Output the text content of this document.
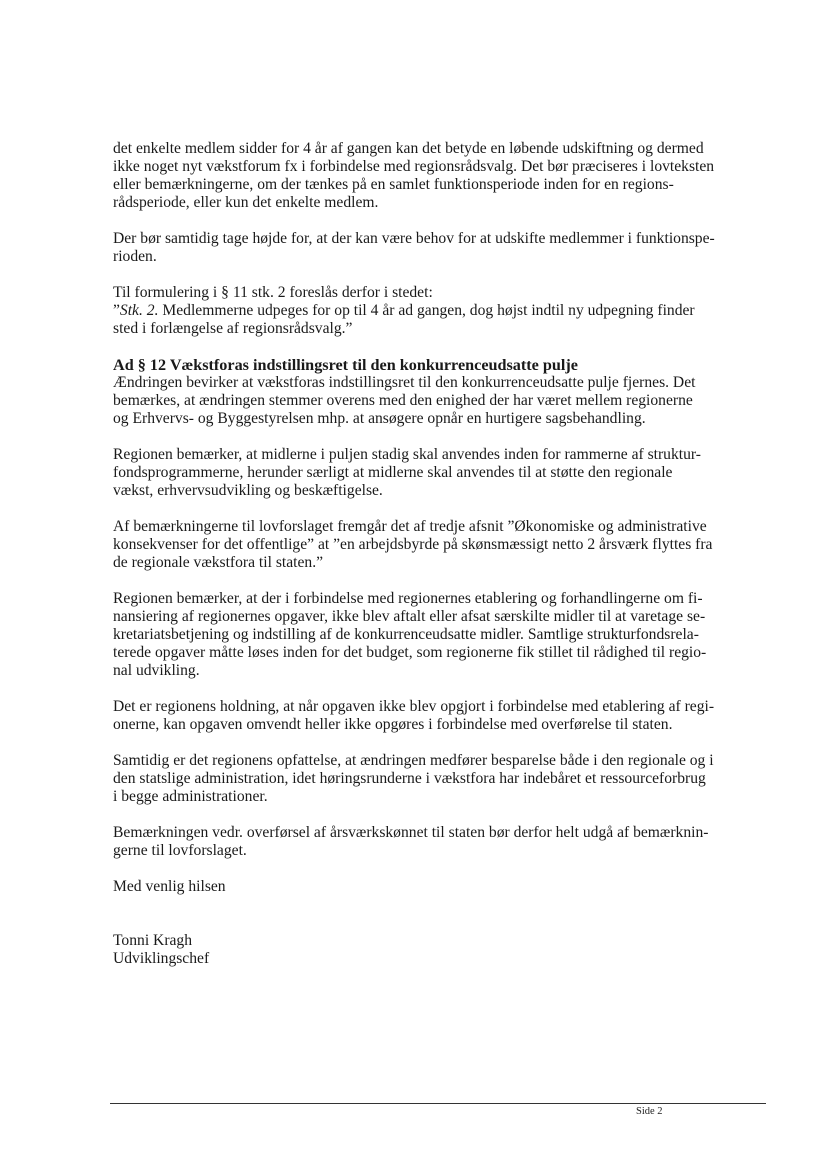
det enkelte medlem sidder for 4 år af gangen kan det betyde en løbende udskiftning og dermed
ikke noget nyt vækstforum fx i forbindelse med regionsrådsvalg. Det bør præciseres i lovteksten
eller bemærkningerne, om der tænkes på en samlet funktionsperiode inden for en regions-
rådsperiode, eller kun det enkelte medlem.

Der bør samtidig tage højde for, at der kan være behov for at udskifte medlemmer i funktionspe-
rioden.

Til formulering i § 11 stk. 2 foreslås derfor i stedet:

”Stk. 2. Medlemmerne udpeges for op til 4 år ad gangen, dog højst indtil ny udpegning finder
sted i forlængelse af regionsrådsvalg.”

Ad § 12 Vækstforas indstillingsret til den konkurrenceudsatte pulje

Ændringen bevirker at vækstforas indstillingsret til den konkurrenceudsatte pulje fjernes. Det
bemærkes, at ændringen stemmer overens med den enighed der har været mellem regionerne
og Erhvervs- og Byggestyrelsen mhp. at ansøgere opnår en hurtigere sagsbehandling.

Regionen bemærker, at midlerne i puljen stadig skal anvendes inden for rammerne af struktur-
fondsprogrammerne, herunder særligt at midlerne skal anvendes til at støtte den regionale
vækst, erhvervsudvikling og beskæftigelse.

Af bemærkningerne til lovforslaget fremgår det af tredje afsnit ”Økonomiske og administrative
konsekvenser for det offentlige” at ”en arbejdsbyrde på skønsmæssigt netto 2 årsværk flyttes fra
de regionale vækstfora til staten.”

Regionen bemærker, at der i forbindelse med regionernes etablering og forhandlingerne om fi-
nansiering af regionernes opgaver, ikke blev aftalt eller afsat særskilte midler til at varetage se-
kretariatsbetjening og indstilling af de konkurrenceudsatte midler. Samtlige strukturfondsrela-
terede opgaver måtte løses inden for det budget, som regionerne fik stillet til rådighed til regio-
nal udvikling.

Det er regionens holdning, at når opgaven ikke blev opgjort i forbindelse med etablering af regi-
onerne, kan opgaven omvendt heller ikke opgøres i forbindelse med overførelse til staten.

Samtidig er det regionens opfattelse, at ændringen medfører besparelse både i den regionale og i
den statslige administration, idet høringsrunderne i vækstfora har indebåret et ressourceforbrug
i begge administrationer.

Bemærkningen vedr. overførsel af årsværkskønnet til staten bør derfor helt udgå af bemærknin-
gerne til lovforslaget.

Med venlig hilsen

Tonni Kragh
Udviklingschef

Side 2
